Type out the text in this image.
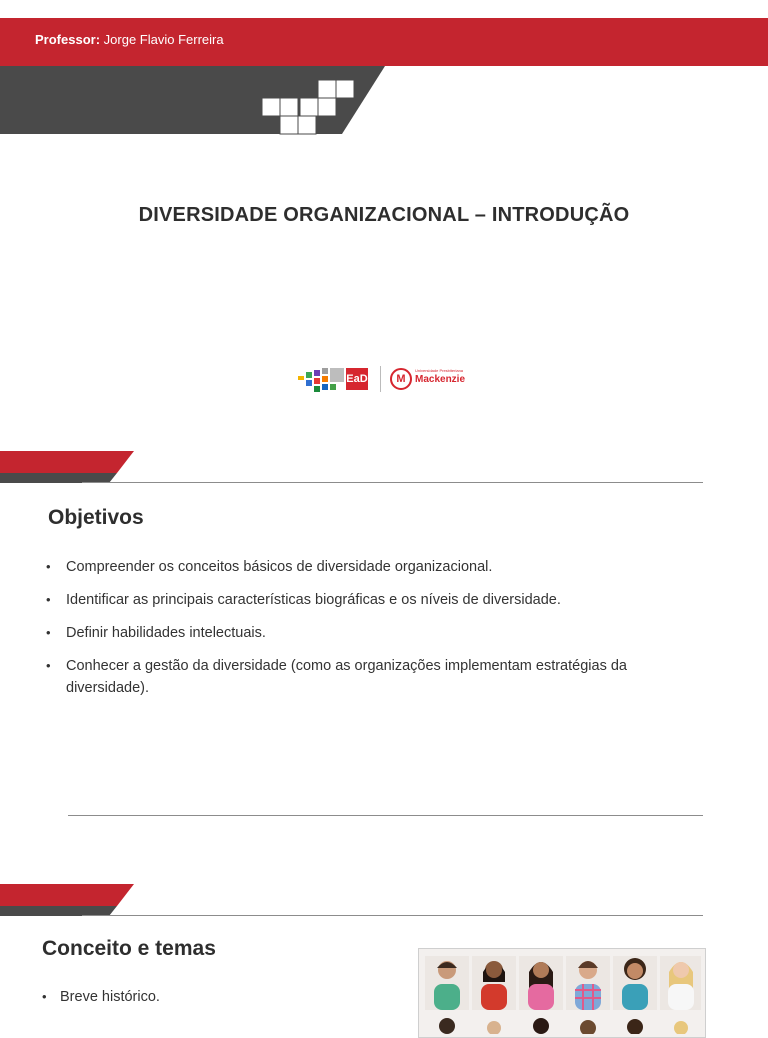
Professor: Jorge Flavio Ferreira
DIVERSIDADE ORGANIZACIONAL – INTRODUÇÃO
EaD	M
Universidade Presbiteriana
Mackenzie
Objetivos
• Compreender os conceitos básicos de diversidade organizacional.
• Identificar as principais características biográficas e os níveis de diversidade.
• Definir habilidades intelectuais.
• Conhecer a gestão da diversidade (como as organizações implementam estratégias da diversidade).
Conceito e temas
• Breve histórico.
